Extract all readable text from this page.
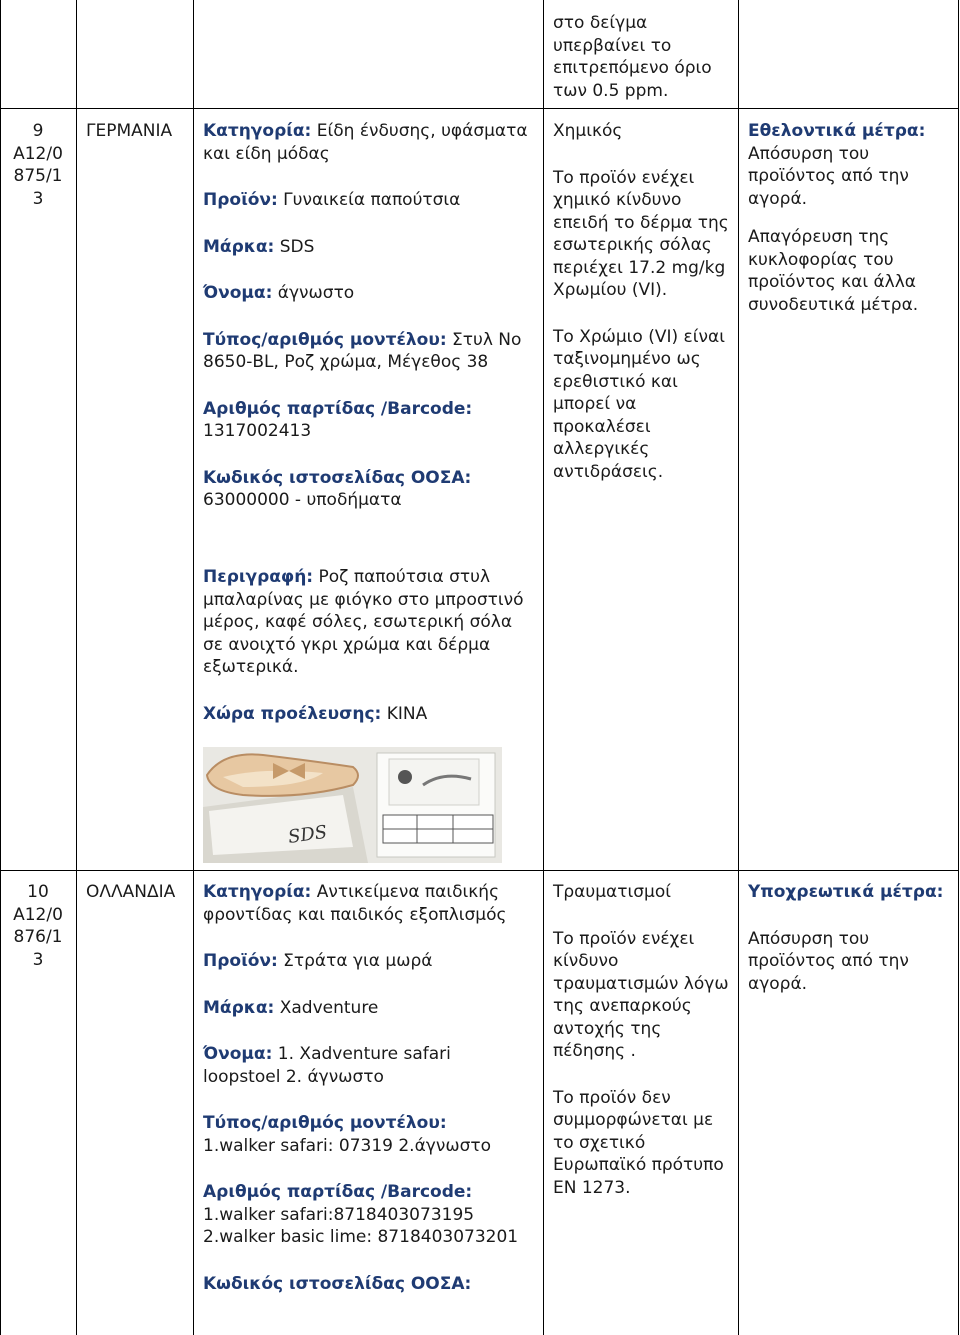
στο δείγμα υπερβαίνει το επιτρεπόμενο όριο των 0.5 ppm.
9
A12/0
875/1
3
ΓΕΡΜΑΝΙΑ	Κατηγορία: Είδη ένδυσης, υφάσματα και είδη μόδας

Προϊόν: Γυναικεία παπούτσια

Μάρκα: SDS

Όνομα: άγνωστο

Τύπος/αριθμός μοντέλου: Στυλ Νο 8650-BL, Ροζ χρώμα, Μέγεθος 38

Αριθμός παρτίδας /Barcode:
1317002413

Κωδικός ιστοσελίδας ΟΟΣΑ:
63000000 - υποδήματα

Περιγραφή: Ροζ παπούτσια στυλ μπαλαρίνας με φιόγκο στο μπροστινό μέρος, καφέ σόλες, εσωτερική σόλα σε ανοιχτό γκρι χρώμα και δέρμα εξωτερικά.

Χώρα προέλευσης: ΚΙΝΑ

SDS

Χημικός

Το προϊόν ενέχει χημικό κίνδυνο επειδή το δέρμα της εσωτερικής σόλας περιέχει 17.2 mg/kg Χρωμίου (VI).

Το Χρώμιο (VI) είναι ταξινομημένο ως ερεθιστικό και μπορεί να προκαλέσει αλλεργικές αντιδράσεις.

Εθελοντικά μέτρα:

Απόσυρση του προϊόντος από την αγορά.

Απαγόρευση της κυκλοφορίας του προϊόντος και άλλα συνοδευτικά μέτρα.

10
A12/0
876/1
3
ΟΛΛΑΝΔΙΑ	Κατηγορία: Αντικείμενα παιδικής φροντίδας και παιδικός εξοπλισμός

Προϊόν: Στράτα για μωρά

Μάρκα: Xadventure

Όνομα: 1. Xadventure safari loopstoel 2. άγνωστο

Τύπος/αριθμός μοντέλου:
1.walker safari: 07319 2.άγνωστο

Αριθμός παρτίδας /Barcode:
1.walker safari:8718403073195
2.walker basic lime: 8718403073201

Κωδικός ιστοσελίδας ΟΟΣΑ:

Τραυματισμοί

Το προϊόν ενέχει κίνδυνο τραυματισμών λόγω της ανεπαρκούς αντοχής της πέδησης .

Το προϊόν δεν συμμορφώνεται με το σχετικό Ευρωπαϊκό πρότυπο EN 1273.

Υποχρεωτικά μέτρα:

Απόσυρση του προϊόντος από την αγορά.
